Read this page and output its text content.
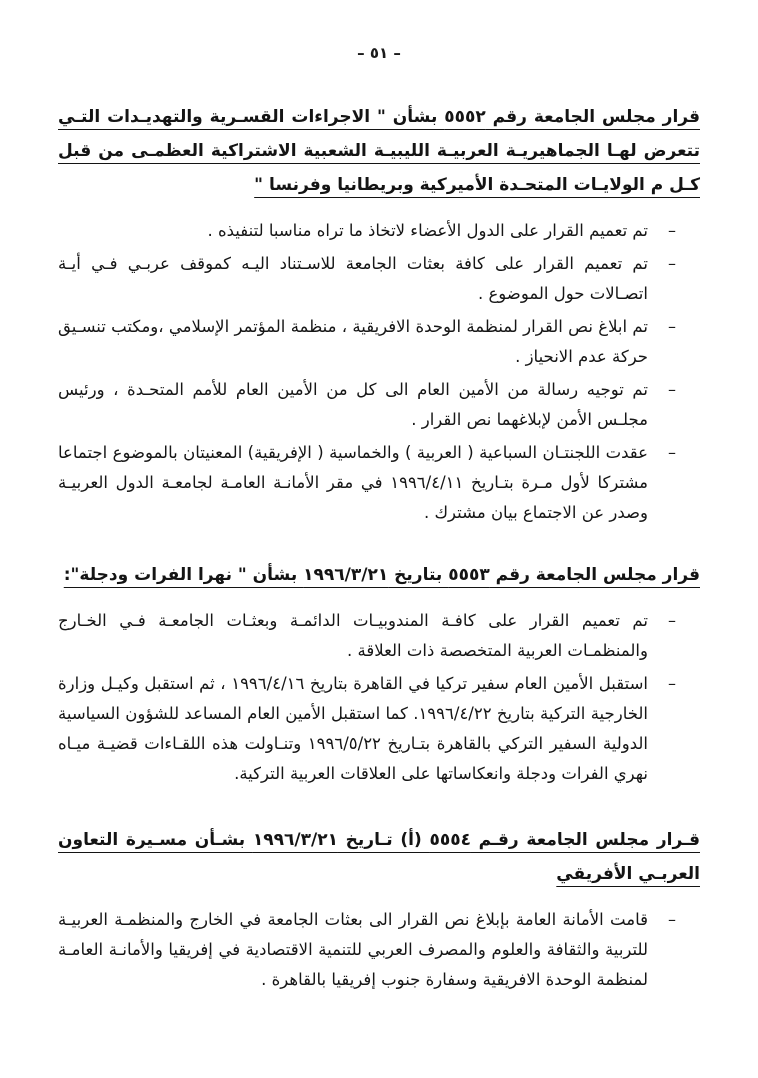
– ٥١ –
قرار مجلس الجامعة رقم ٥٥٥٢ بشأن " الاجراءات القسـرية والتهديـدات التـي تتعرض لهـا الجماهيريـة العربيـة الليبيـة الشعبية الاشتراكية العظمـى من قبل كـل م الولايـات المتحـدة الأميركية وبريطانيا وفرنسا "
–

تم تعميم القرار على الدول الأعضاء لاتخاذ ما تراه مناسبا لتنفيذه .

–

تم تعميم القرار على كافة بعثات الجامعة للاسـتناد اليـه كموقف عربـي فـي أيـة اتصـالات حول الموضوع .

–

تم ابلاغ نص القرار لمنظمة الوحدة الافريقية ، منظمة المؤتمر الإسلامي ،ومكتب تنسـيق حركة عدم الانحياز .

–

تم توجيه رسالة من الأمين العام الى كل من الأمين العام للأمم المتحـدة ، ورئيس مجلـس الأمن لإبلاغهما نص القرار .

–

عقدت اللجنتـان السباعية ( العربية ) والخماسية ( الإفريقية) المعنيتان بالموضوع اجتماعا مشتركا لأول مـرة بتـاريخ ١٩٩٦/٤/١١ في مقر الأمانـة العامـة لجامعـة الدول العربيـة وصدر عن الاجتماع بيان مشترك .

قرار مجلس الجامعة رقم ٥٥٥٣ بتاريخ ١٩٩٦/٣/٢١ بشأن " نهرا الفرات ودجلة":
–

تم تعميم القرار على كافـة المندوبيـات الدائمـة وبعثـات الجامعـة فـي الخـارج والمنظمـات العربية المتخصصة ذات العلاقة .

–

استقبل الأمين العام سفير تركيا في القاهرة بتاريخ ١٩٩٦/٤/١٦ ، ثم استقبل وكيـل وزارة الخارجية التركية بتاريخ ١٩٩٦/٤/٢٢. كما استقبل الأمين العام المساعد للشؤون السياسية الدولية السفير التركي بالقاهرة بتـاريخ ١٩٩٦/٥/٢٢ وتنـاولت هذه اللقـاءات قضيـة ميـاه نهري الفرات ودجلة وانعكاساتها على العلاقات العربية التركية.

قـرار مجلس الجامعة رقـم ٥٥٥٤ (أ) تـاريخ ١٩٩٦/٣/٢١ بشـأن مسـيرة التعاون العربـي الأفريقي
–

قامت الأمانة العامة بإبلاغ نص القرار الى بعثات الجامعة في الخارج والمنظمـة العربيـة للتربية والثقافة والعلوم والمصرف العربي للتنمية الاقتصادية في إفريقيا والأمانـة العامـة لمنظمة الوحدة الافريقية وسفارة جنوب إفريقيا بالقاهرة .
